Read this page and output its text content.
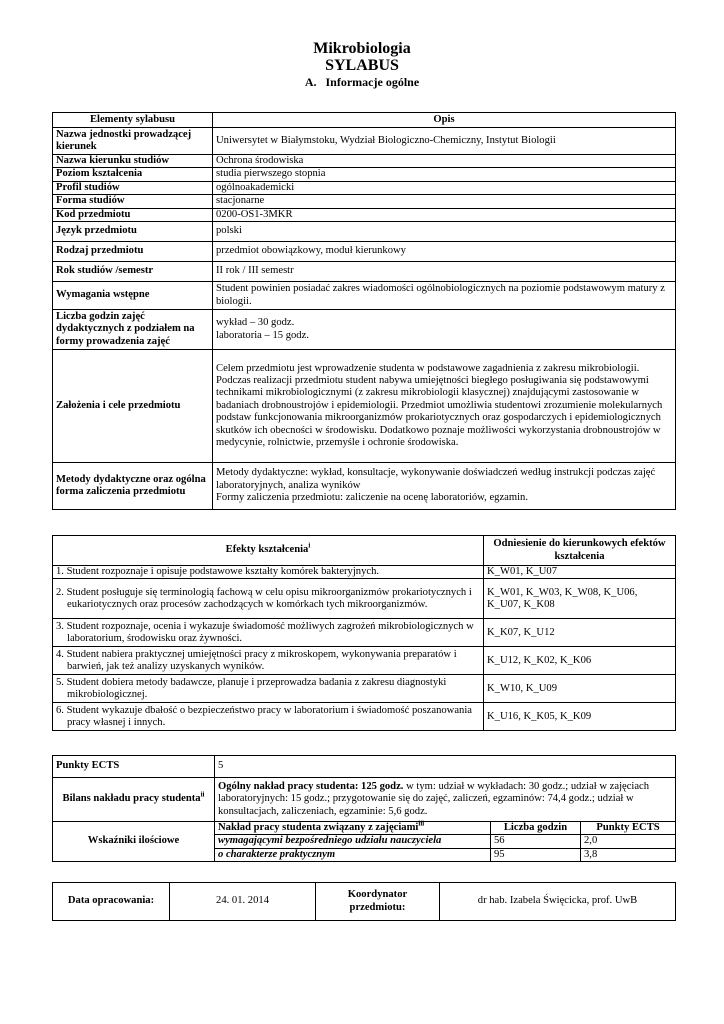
Mikrobiologia
SYLABUS
A.   Informacje ogólne
Elementy sylabusu	Opis
Nazwa jednostki prowadzącej kierunek	Uniwersytet w Białymstoku, Wydział Biologiczno-Chemiczny, Instytut Biologii
Nazwa kierunku studiów	Ochrona środowiska
Poziom kształcenia	studia pierwszego stopnia
Profil studiów	ogólnoakademicki
Forma studiów	stacjonarne
Kod przedmiotu	0200-OS1-3MKR
Język przedmiotu	polski
Rodzaj przedmiotu	przedmiot obowiązkowy, moduł kierunkowy
Rok studiów /semestr	II rok / III semestr
Wymagania wstępne	Student powinien posiadać zakres wiadomości ogólnobiologicznych na poziomie podstawowym matury z biologii.
Liczba godzin zajęć dydaktycznych z podziałem na formy prowadzenia zajęć	wykład – 30 godz.
laboratoria – 15 godz.

Założenia i cele przedmiotu	Celem przedmiotu jest wprowadzenie studenta w podstawowe zagadnienia z zakresu mikrobiologii. Podczas realizacji przedmiotu student nabywa umiejętności biegłego posługiwania się podstawowymi technikami mikrobiologicznymi (z zakresu mikrobiologii klasycznej) znajdującymi zastosowanie w badaniach drobnoustrojów i epidemiologii. Przedmiot umożliwia studentowi zrozumienie molekularnych podstaw funkcjonowania mikroorganizmów prokariotycznych oraz gospodarczych i epidemiologicznych skutków ich obecności w środowisku. Dodatkowo poznaje możliwości wykorzystania drobnoustrojów w medycynie, rolnictwie, przemyśle i ochronie środowiska.
Metody dydaktyczne oraz ogólna forma zaliczenia przedmiotu	Metody dydaktyczne: wykład, konsultacje, wykonywanie doświadczeń według instrukcji podczas zajęć laboratoryjnych, analiza wyników
Formy zaliczenia przedmiotu: zaliczenie na ocenę laboratoriów, egzamin.
Efekty kształcenia$^i$	Odniesienie do kierunkowych efektów kształcenia
1. Student rozpoznaje i opisuje podstawowe kształty komórek bakteryjnych.	K_W01, K_U07
2. Student posługuje się terminologią fachową w celu opisu mikroorganizmów prokariotycznych i eukariotycznych oraz procesów zachodzących w komórkach tych mikroorganizmów.	K_W01, K_W03, K_W08, K_U06, K_U07, K_K08
3. Student rozpoznaje, ocenia i wykazuje świadomość możliwych zagrożeń mikrobiologicznych w laboratorium, środowisku oraz żywności.	K_K07, K_U12
4. Student nabiera praktycznej umiejętności pracy z mikroskopem, wykonywania preparatów i barwień, jak też analizy uzyskanych wyników.	K_U12, K_K02, K_K06
5. Student dobiera metody badawcze, planuje i przeprowadza badania z zakresu diagnostyki mikrobiologicznej.	K_W10, K_U09
6. Student wykazuje dbałość o bezpieczeństwo pracy w laboratorium i świadomość poszanowania pracy własnej i innych.	K_U16, K_K05, K_K09
Punkty ECTS	5		
Bilans nakładu pracy studenta$^{ii}$	Ogólny nakład pracy studenta: 125 godz. w tym: udział w wykładach: 30 godz.; udział w zajęciach laboratoryjnych: 15 godz.; przygotowanie się do zajęć, zaliczeń, egzaminów: 74,4 godz.; udział w konsultacjach, zaliczeniach, egzaminie: 5,6 godz.		
Wskaźniki ilościowe	Nakład pracy studenta związany z zajęciami$^{iii}$	Liczba godzin	Punkty ECTS
	wymagającymi bezpośredniego udziału nauczyciela	56	2,0
	o charakterze praktycznym	95	3,8
Data opracowania:	24. 01. 2014	Koordynator przedmiotu:	dr hab. Izabela Święcicka, prof. UwB
